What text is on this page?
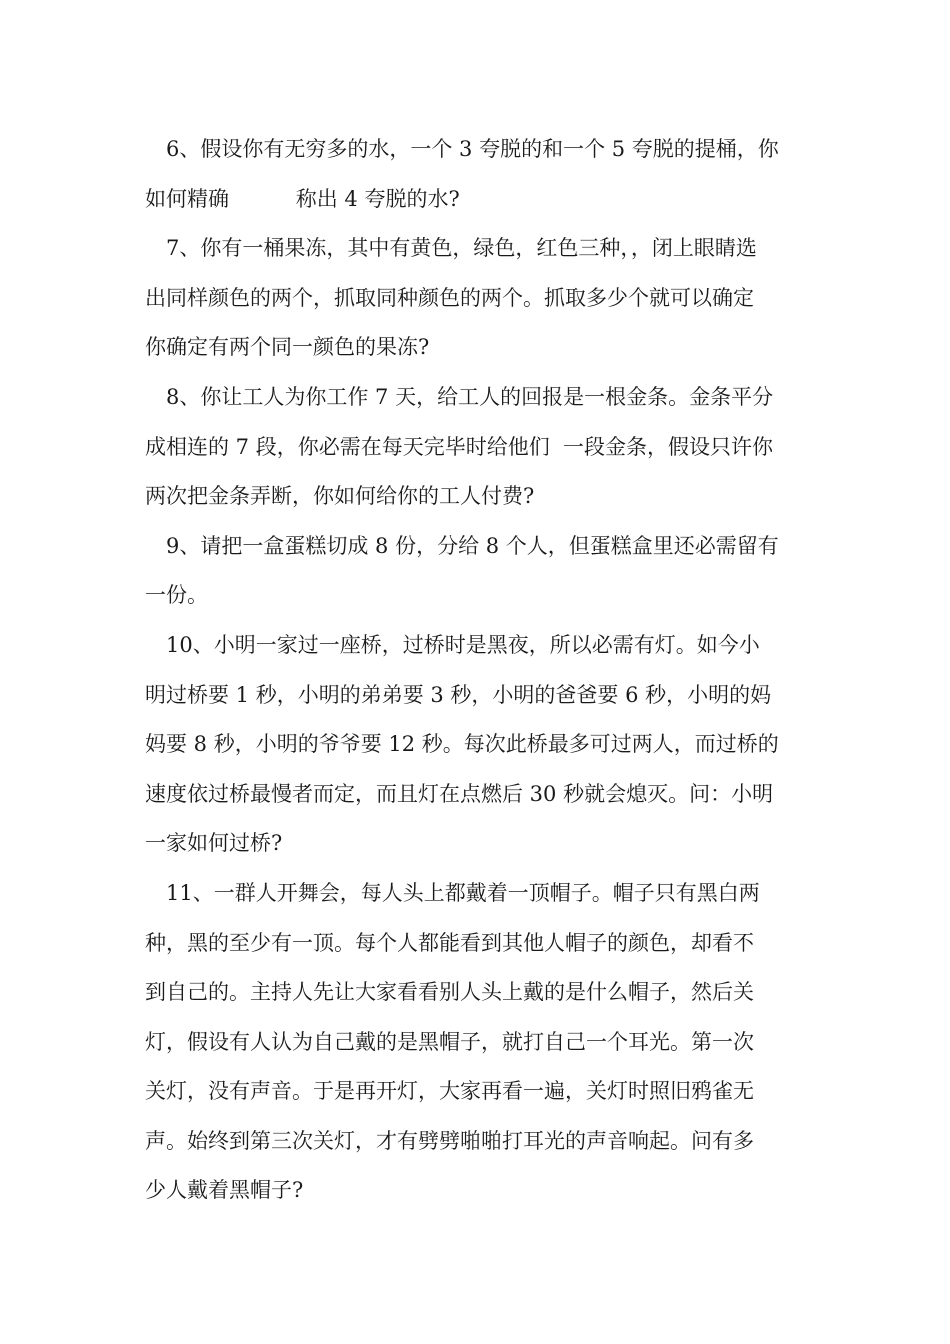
6、假设你有无穷多的水，一个 3 夸脱的和一个 5 夸脱的提桶，你
如何精确          称出 4 夸脱的水?
7、你有一桶果冻，其中有黄色，绿色，红色三种，，闭上眼睛选
出同样颜色的两个，抓取同种颜色的两个。抓取多少个就可以确定
你确定有两个同一颜色的果冻?
8、你让工人为你工作 7 天，给工人的回报是一根金条。金条平分
成相连的 7 段，你必需在每天完毕时给他们  一段金条，假设只许你
两次把金条弄断，你如何给你的工人付费?
9、请把一盒蛋糕切成 8 份，分给 8 个人，但蛋糕盒里还必需留有
一份。
10、小明一家过一座桥，过桥时是黑夜，所以必需有灯。如今小
明过桥要 1 秒，小明的弟弟要 3 秒，小明的爸爸要 6 秒，小明的妈
妈要 8 秒，小明的爷爷要 12 秒。每次此桥最多可过两人，而过桥的
速度依过桥最慢者而定，而且灯在点燃后 30 秒就会熄灭。问：小明
一家如何过桥?
11、一群人开舞会，每人头上都戴着一顶帽子。帽子只有黑白两
种，黑的至少有一顶。每个人都能看到其他人帽子的颜色，却看不
到自己的。主持人先让大家看看别人头上戴的是什么帽子，然后关
灯，假设有人认为自己戴的是黑帽子，就打自己一个耳光。第一次
关灯，没有声音。于是再开灯，大家再看一遍，关灯时照旧鸦雀无
声。始终到第三次关灯，才有劈劈啪啪打耳光的声音响起。问有多
少人戴着黑帽子?
